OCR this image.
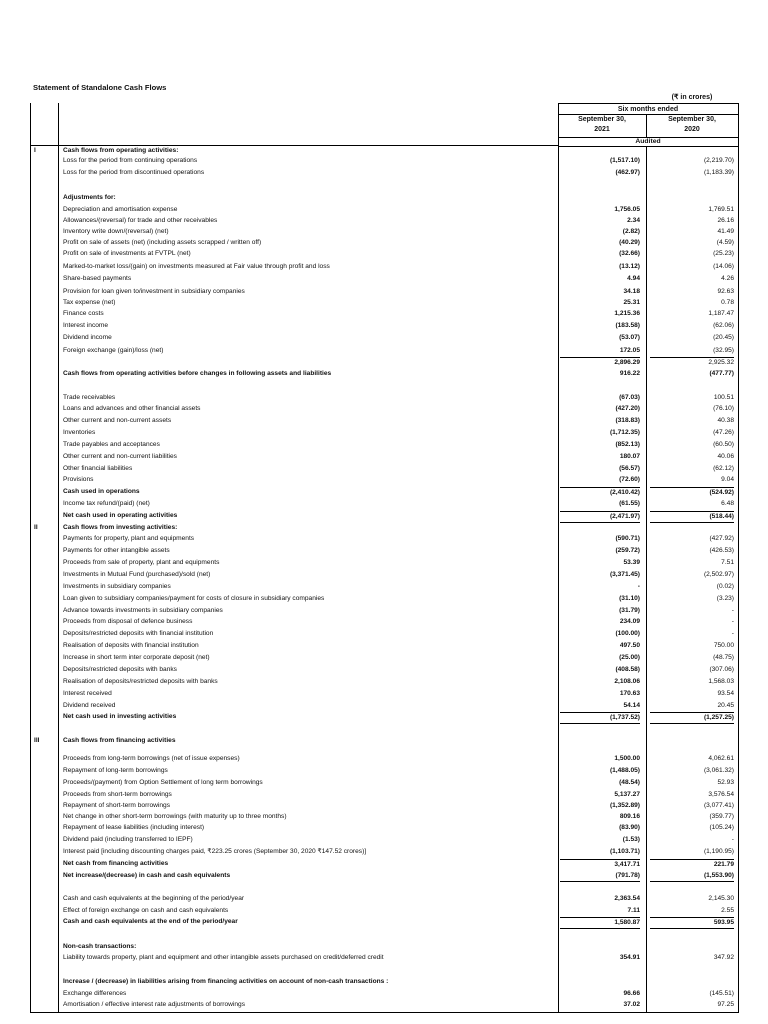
Statement of Standalone Cash Flows
(₹ in crores)
Six months ended
September 30,
2021
September 30,
2020
Audited
I	Cash flows from operating activities:
Loss for the period from continuing operations	(1,517.10)	(2,219.70)
Loss for the period from discontinued operations	(462.97)	(1,183.39)
Adjustments for:
Depreciation and amortisation expense	1,756.05	1,769.51
Allowances/(reversal) for trade and other receivables	2.34	26.16
Inventory write down/(reversal) (net)	(2.82)	41.49
Profit on sale of assets (net) (including assets scrapped / written off)	(40.29)	(4.59)
Profit on sale of investments at FVTPL (net)	(32.66)	(25.23)
Marked-to-market loss/(gain) on investments measured at Fair value through profit and loss	(13.12)	(14.06)
Share-based payments	4.94	4.26
Provision for loan given to/investment in subsidiary companies	34.18	92.63
Tax expense (net)	25.31	0.78
Finance costs	1,215.36	1,187.47
Interest income	(183.58)	(62.06)
Dividend income	(53.07)	(20.45)
Foreign exchange (gain)/loss (net)	172.05	(32.95)
2,896.29	2,925.32
Cash flows from operating activities before changes in following assets and liabilities	916.22	(477.77)
Trade receivables	(67.03)	100.51
Loans and advances and other financial assets	(427.20)	(76.10)
Other current and non-current assets	(318.83)	40.38
Inventories	(1,712.35)	(47.26)
Trade payables and acceptances	(852.13)	(60.50)
Other current and non-current liabilities	180.07	40.06
Other financial liabilities	(56.57)	(62.12)
Provisions	(72.60)	9.04
Cash used in operations	(2,410.42)	(524.92)
Income tax refund/(paid) (net)	(61.55)	6.48
Net cash used in operating activities	(2,471.97)	(518.44)
II	Cash flows from investing activities:
Payments for property, plant and equipments	(590.71)	(427.92)
Payments for other intangible assets	(259.72)	(426.53)
Proceeds from sale of property, plant and equipments	53.39	7.51
Investments in Mutual Fund (purchased)/sold (net)	(3,371.45)	(2,502.97)
Investments in subsidiary companies	-	(0.02)
Loan given to subsidiary companies/payment for costs of closure in subsidiary companies	(31.10)	(3.23)
Advance towards investments in subsidiary companies	(31.79)	-
Proceeds from disposal of defence business	234.09	-
Deposits/restricted deposits with financial institution	(100.00)	-
Realisation of deposits with financial institution	497.50	750.00
Increase in short term inter corporate deposit (net)	(25.00)	(48.75)
Deposits/restricted deposits with banks	(408.58)	(307.06)
Realisation of deposits/restricted deposits with banks	2,108.06	1,568.03
Interest received	170.63	93.54
Dividend received	54.14	20.45
Net cash used in investing activities	(1,737.52)	(1,257.25)
III	Cash flows from financing activities
Proceeds from long-term borrowings (net of issue expenses)	1,500.00	4,062.61
Repayment of long-term borrowings	(1,488.05)	(3,061.32)
Proceeds/(payment) from Option Settlement of long term borrowings	(48.54)	52.93
Proceeds from short-term borrowings	5,137.27	3,576.54
Repayment of short-term borrowings	(1,352.89)	(3,077.41)
Net change in other short-term borrowings (with maturity up to three months)	809.16	(359.77)
Repayment of lease liabilities (including interest)	(83.90)	(105.24)
Dividend paid (including transferred to IEPF)	(1.53)	-
Interest paid [including discounting charges paid, ₹223.25 crores (September 30, 2020 ₹147.52 crores)]	(1,103.71)	(1,190.95)
Net cash from financing activities	3,417.71	221.79
Net increase/(decrease) in cash and cash equivalents	(791.78)	(1,553.90)
Cash and cash equivalents at the beginning of the period/year	2,363.54	2,145.30
Effect of foreign exchange on cash and cash equivalents	7.11	2.55
Cash and cash equivalents at the end of the period/year	1,580.87	593.95
Non-cash transactions:
Liability towards property, plant and equipment and other intangible assets purchased on credit/deferred credit	354.91	347.92
Increase / (decrease) in liabilities arising from financing activities on account of non-cash transactions :
Exchange differences	96.66	(145.51)
Amortisation / effective interest rate adjustments of borrowings	37.02	97.25
